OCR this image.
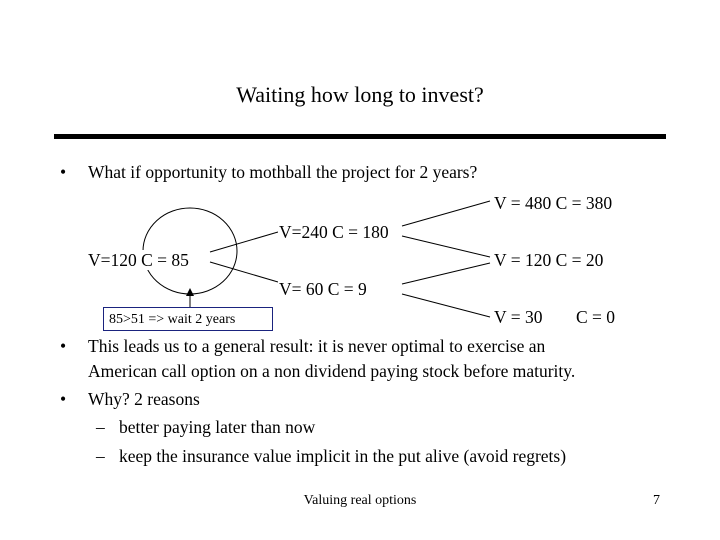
Waiting how long to invest?
• What if opportunity to mothball the project for 2 years?
V=120 C = 85
V=240 C = 180
V= 60 C = 9
V = 480 C = 380
V = 120 C = 20
V = 30 C = 0
85>51 => wait 2 years
• This leads us to a general result: it is never optimal to exercise an
American call option on a non dividend paying stock before maturity.
• Why? 2 reasons
– better paying later than now
– keep the insurance value implicit in the put alive (avoid regrets)
Valuing real options	7
